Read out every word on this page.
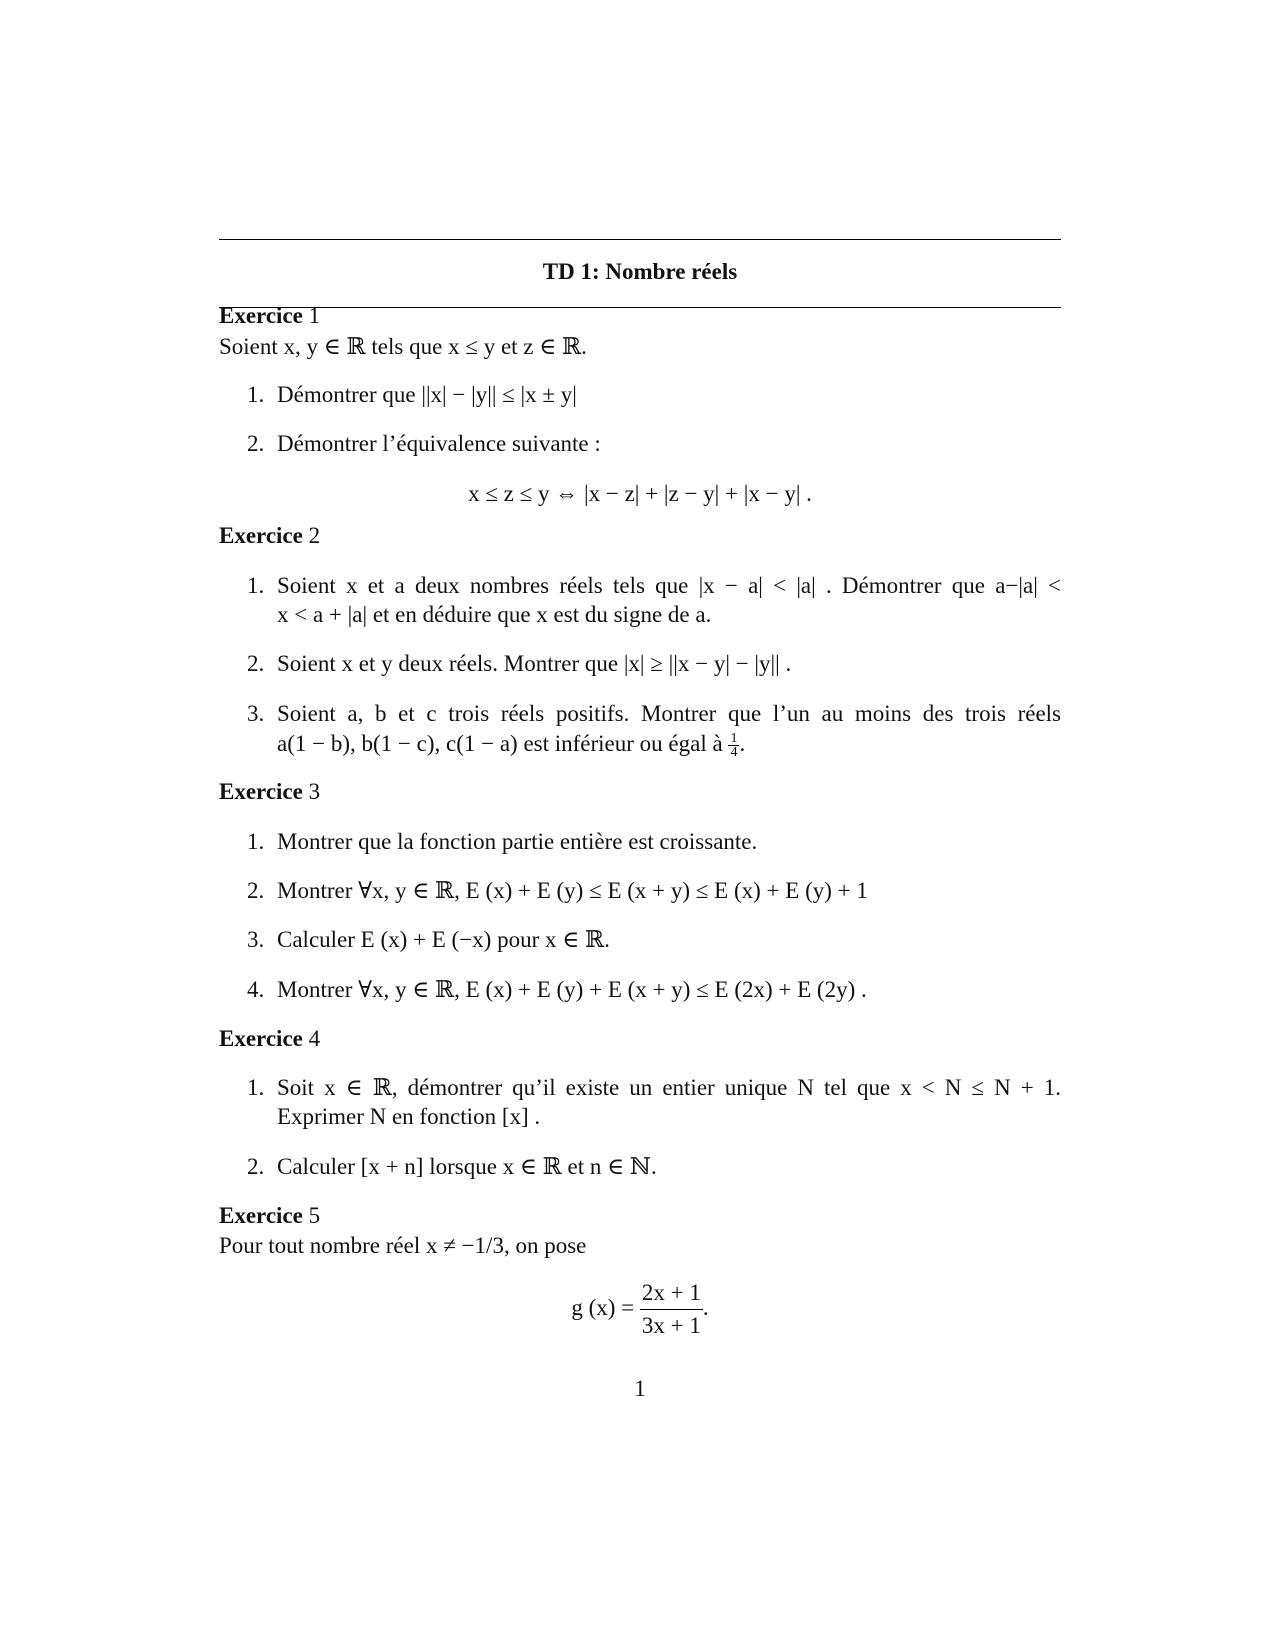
TD 1: Nombre réels
Exercice 1
Soient x, y ∈ ℝ tels que x ≤ y et z ∈ ℝ.
1. Démontrer que ||x| − |y|| ≤ |x ± y|
2. Démontrer l’équivalence suivante :
x ≤ z ≤ y ⇔ |x − z| + |z − y| + |x − y| .
Exercice 2
1. Soient x et a deux nombres réels tels que |x − a| < |a| . Démontrer que a−|a| <
x < a + |a| et en déduire que x est du signe de a.
2. Soient x et y deux réels. Montrer que |x| ≥ ||x − y| − |y|| .
3. Soient a, b et c trois réels positifs. Montrer que l’un au moins des trois réels
a(1 − b), b(1 − c), c(1 − a) est inférieur ou égal à $\frac{1}{4}$ .
Exercice 3
1. Montrer que la fonction partie entière est croissante.
2. Montrer ∀x, y ∈ ℝ, E (x) + E (y) ≤ E (x + y) ≤ E (x) + E (y) + 1
3. Calculer E (x) + E (−x) pour x ∈ ℝ.
4. Montrer ∀x, y ∈ ℝ, E (x) + E (y) + E (x + y) ≤ E (2x) + E (2y) .
Exercice 4
1. Soit x ∈ ℝ, démontrer qu’il existe un entier unique N tel que x < N ≤ N + 1.
Exprimer N en fonction [x] .
2. Calculer [x + n] lorsque x ∈ ℝ et n ∈ ℕ.
Exercice 5
Pour tout nombre réel x ≠ −1/3, on pose
g $(x) = \frac{2x + 1}{3x + 1}$ .
1
